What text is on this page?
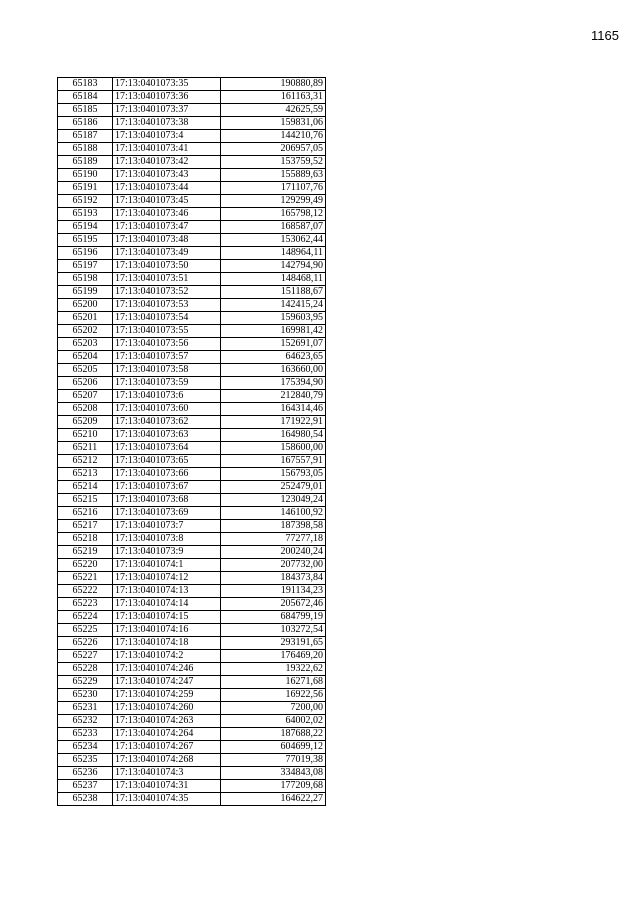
1165
65183	17:13:0401073:35	190880,89
65184	17:13:0401073:36	161163,31
65185	17:13:0401073:37	42625,59
65186	17:13:0401073:38	159831,06
65187	17:13:0401073:4	144210,76
65188	17:13:0401073:41	206957,05
65189	17:13:0401073:42	153759,52
65190	17:13:0401073:43	155889,63
65191	17:13:0401073:44	171107,76
65192	17:13:0401073:45	129299,49
65193	17:13:0401073:46	165798,12
65194	17:13:0401073:47	168587,07
65195	17:13:0401073:48	153062,44
65196	17:13:0401073:49	148964,11
65197	17:13:0401073:50	142794,90
65198	17:13:0401073:51	148468,11
65199	17:13:0401073:52	151188,67
65200	17:13:0401073:53	142415,24
65201	17:13:0401073:54	159603,95
65202	17:13:0401073:55	169981,42
65203	17:13:0401073:56	152691,07
65204	17:13:0401073:57	64623,65
65205	17:13:0401073:58	163660,00
65206	17:13:0401073:59	175394,90
65207	17:13:0401073:6	212840,79
65208	17:13:0401073:60	164314,46
65209	17:13:0401073:62	171922,91
65210	17:13:0401073:63	164980,54
65211	17:13:0401073:64	158600,00
65212	17:13:0401073:65	167557,91
65213	17:13:0401073:66	156793,05
65214	17:13:0401073:67	252479,01
65215	17:13:0401073:68	123049,24
65216	17:13:0401073:69	146100,92
65217	17:13:0401073:7	187398,58
65218	17:13:0401073:8	77277,18
65219	17:13:0401073:9	200240,24
65220	17:13:0401074:1	207732,00
65221	17:13:0401074:12	184373,84
65222	17:13:0401074:13	191134,23
65223	17:13:0401074:14	205672,46
65224	17:13:0401074:15	684799,19
65225	17:13:0401074:16	103272,54
65226	17:13:0401074:18	293191,65
65227	17:13:0401074:2	176469,20
65228	17:13:0401074:246	19322,62
65229	17:13:0401074:247	16271,68
65230	17:13:0401074:259	16922,56
65231	17:13:0401074:260	7200,00
65232	17:13:0401074:263	64002,02
65233	17:13:0401074:264	187688,22
65234	17:13:0401074:267	604699,12
65235	17:13:0401074:268	77019,38
65236	17:13:0401074:3	334843,08
65237	17:13:0401074:31	177209,68
65238	17:13:0401074:35	164622,27
